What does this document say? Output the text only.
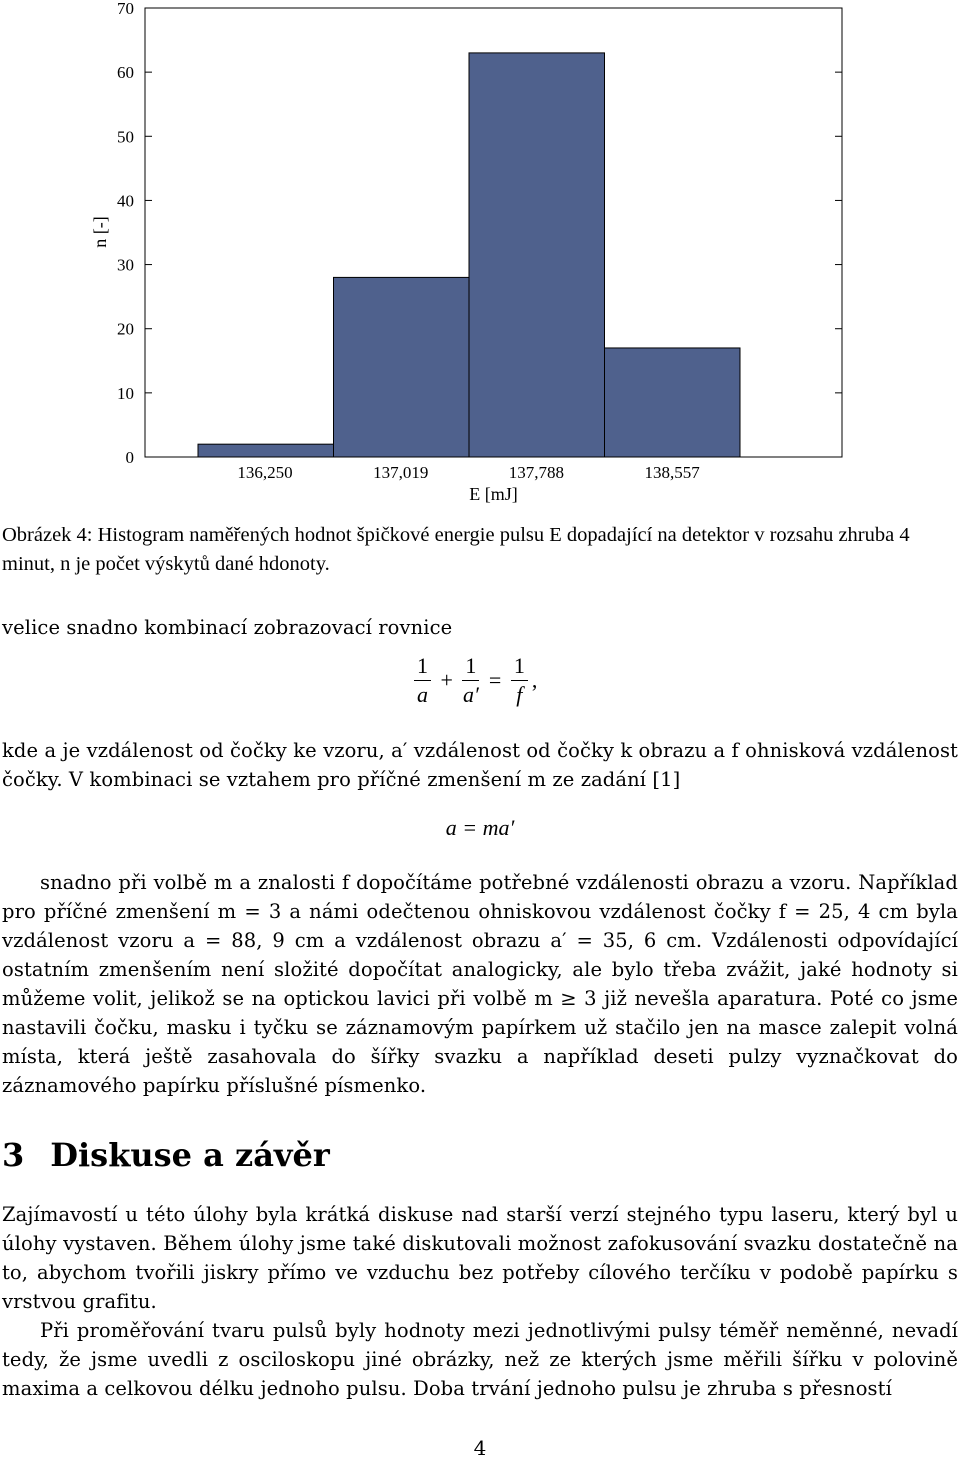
0
10
20
30
40
50
60
70
136,250	137,019	137,788	138,557
E [mJ]
n [-]
Obrázek 4: Histogram naměřených hodnot špičkové energie pulsu E dopadající na detektor v rozsahu zhruba 4 minut, n je počet výskytů dané hdonoty.
velice snadno kombinací zobrazovací rovnice
$\frac{1}{a} + \frac{1}{a'} = \frac{1}{f}$ ,
kde a je vzdálenost od čočky ke vzoru, a′ vzdálenost od čočky k obrazu a f ohnisková vzdálenost čočky. V kombinaci se vztahem pro příčné zmenšení m ze zadání [1]
a = ma′
snadno při volbě m a znalosti f dopočítáme potřebné vzdálenosti obrazu a vzoru. Například pro příčné zmenšení m = 3 a námi odečtenou ohniskovou vzdálenost čočky f = 25, 4 cm byla vzdálenost vzoru a = 88, 9 cm a vzdálenost obrazu a′ = 35, 6 cm. Vzdálenosti odpovídající ostatním zmenšením není složité dopočítat analogicky, ale bylo třeba zvážit, jaké hodnoty si můžeme volit, jelikož se na optickou lavici při volbě m ≥ 3 již nevešla aparatura. Poté co jsme nastavili čočku, masku i tyčku se záznamovým papírkem už stačilo jen na masce zalepit volná místa, která ještě zasahovala do šířky svazku a například deseti pulzy vyznačkovat do záznamového papírku příslušné písmenko.
3 Diskuse a závěr
Zajímavostí u této úlohy byla krátká diskuse nad starší verzí stejného typu laseru, který byl u úlohy vystaven. Během úlohy jsme také diskutovali možnost zafokusování svazku dostatečně na to, abychom tvořili jiskry přímo ve vzduchu bez potřeby cílového terčíku v podobě papírku s vrstvou grafitu.
Při proměřování tvaru pulsů byly hodnoty mezi jednotlivými pulsy téměř neměnné, nevadí tedy, že jsme uvedli z osciloskopu jiné obrázky, než ze kterých jsme měřili šířku v polovině maxima a celkovou délku jednoho pulsu. Doba trvání jednoho pulsu je zhruba s přesností
4
